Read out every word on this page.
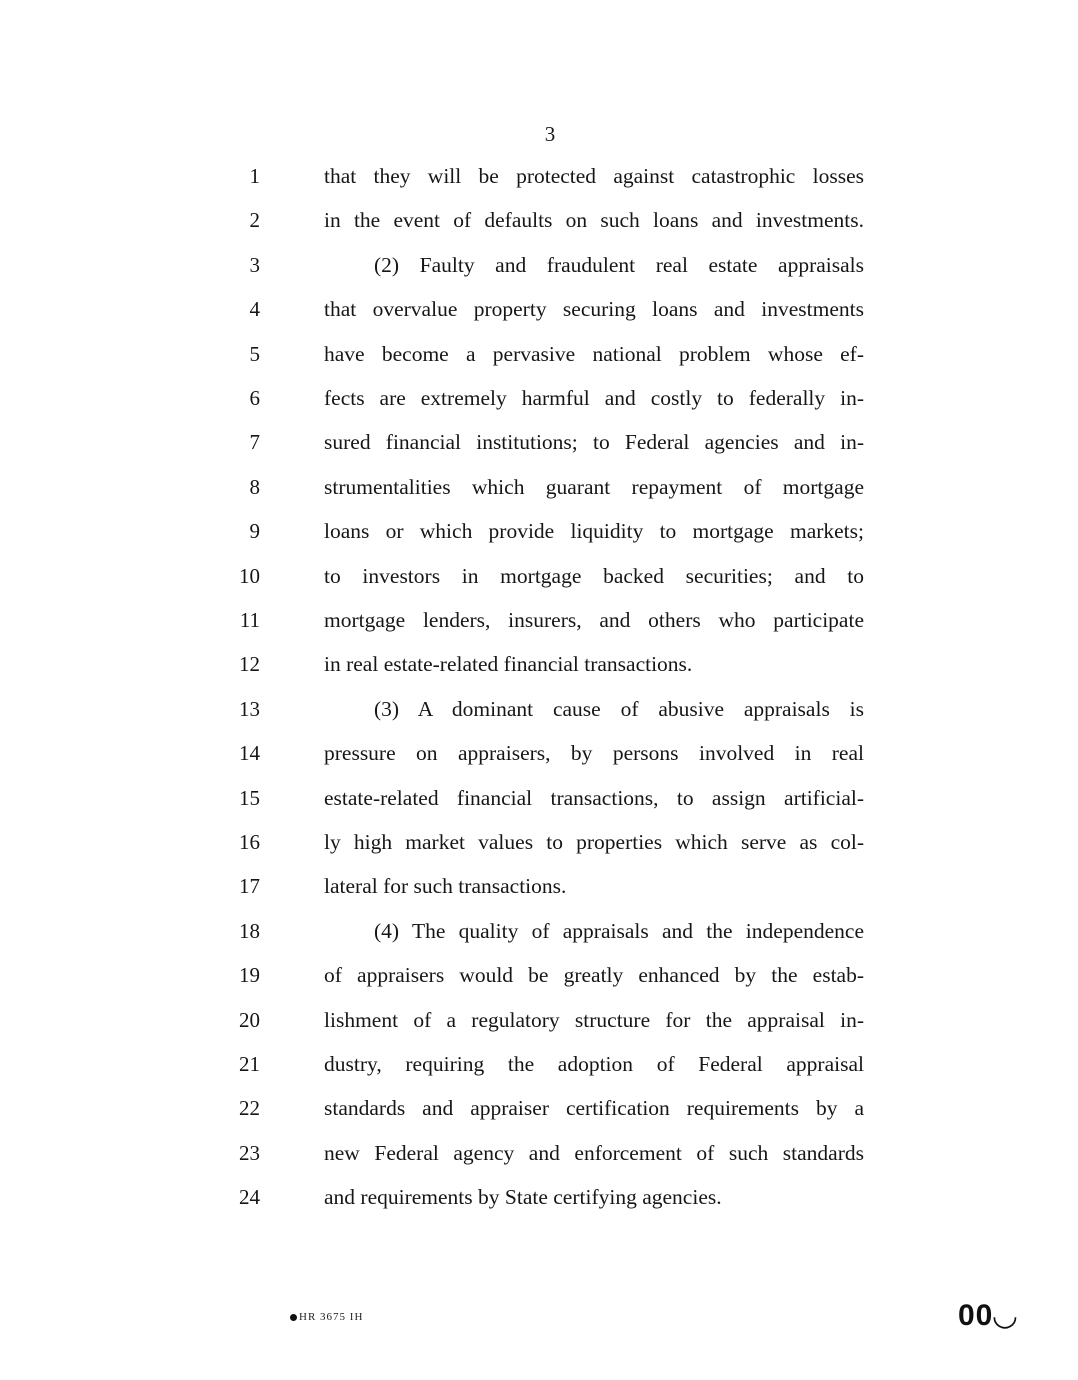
3
1	that they will be protected against catastrophic losses
2	in the event of defaults on such loans and investments.
3	(2) Faulty and fraudulent real estate appraisals
4	that overvalue property securing loans and investments
5	have become a pervasive national problem whose ef-
6	fects are extremely harmful and costly to federally in-
7	sured financial institutions; to Federal agencies and in-
8	strumentalities which guarant repayment of mortgage
9	loans or which provide liquidity to mortgage markets;
10	to investors in mortgage backed securities; and to
11	mortgage lenders, insurers, and others who participate
12	in real estate-related financial transactions.
13	(3) A dominant cause of abusive appraisals is
14	pressure on appraisers, by persons involved in real
15	estate-related financial transactions, to assign artificial-
16	ly high market values to properties which serve as col-
17	lateral for such transactions.
18	(4) The quality of appraisals and the independence
19	of appraisers would be greatly enhanced by the estab-
20	lishment of a regulatory structure for the appraisal in-
21	dustry, requiring the adoption of Federal appraisal
22	standards and appraiser certification requirements by a
23	new Federal agency and enforcement of such standards
24	and requirements by State certifying agencies.
HR 3675 IH	00◡
